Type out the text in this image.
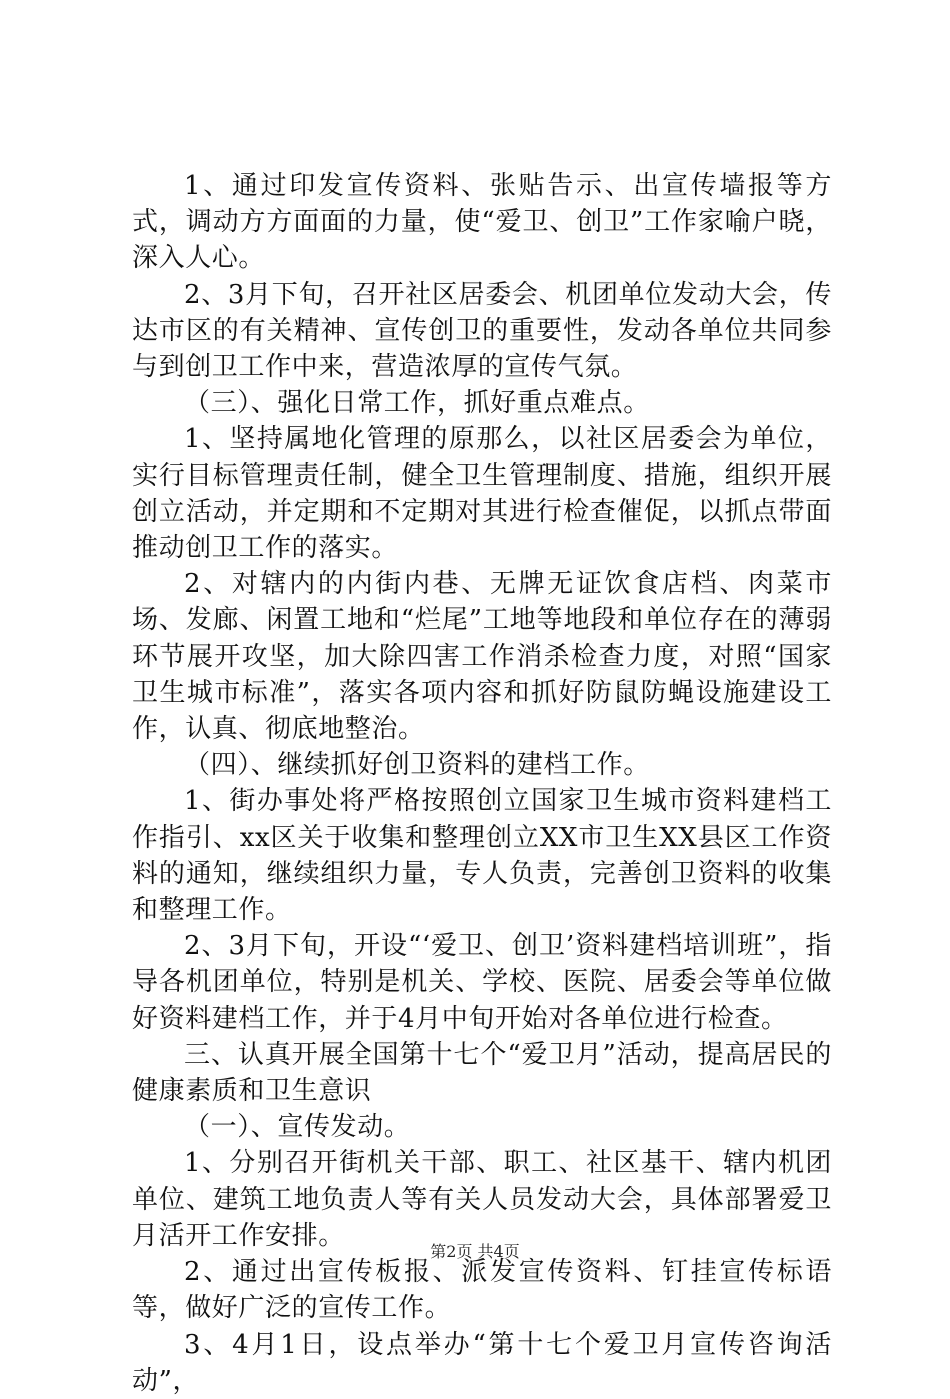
1、通过印发宣传资料、张贴告示、出宣传墙报等方式，调动方方面面的力量，使“爱卫、创卫”工作家喻户晓，深入人心。

2、3月下旬，召开社区居委会、机团单位发动大会，传达市区的有关精神、宣传创卫的重要性，发动各单位共同参与到创卫工作中来，营造浓厚的宣传气氛。

（三）、强化日常工作，抓好重点难点。

1、坚持属地化管理的原那么，以社区居委会为单位，实行目标管理责任制，健全卫生管理制度、措施，组织开展创立活动，并定期和不定期对其进行检查催促，以抓点带面推动创卫工作的落实。

2、对辖内的内街内巷、无牌无证饮食店档、肉菜市场、发廊、闲置工地和“烂尾”工地等地段和单位存在的薄弱环节展开攻坚，加大除四害工作消杀检查力度，对照“国家卫生城市标准”，落实各项内容和抓好防鼠防蝇设施建设工作，认真、彻底地整治。

（四）、继续抓好创卫资料的建档工作。

1、街办事处将严格按照创立国家卫生城市资料建档工作指引、xx区关于收集和整理创立XX市卫生XX县区工作资料的通知，继续组织力量，专人负责，完善创卫资料的收集和整理工作。

2、3月下旬，开设“‘爱卫、创卫’资料建档培训班”，指导各机团单位，特别是机关、学校、医院、居委会等单位做好资料建档工作，并于4月中旬开始对各单位进行检查。

三、认真开展全国第十七个“爱卫月”活动，提高居民的健康素质和卫生意识

（一）、宣传发动。

1、分别召开街机关干部、职工、社区基干、辖内机团单位、建筑工地负责人等有关人员发动大会，具体部署爱卫月活开工作安排。

2、通过出宣传板报、派发宣传资料、钉挂宣传标语等，做好广泛的宣传工作。

3、4月1日，设点举办“第十七个爱卫月宣传咨询活动”，

第2页 共4页
